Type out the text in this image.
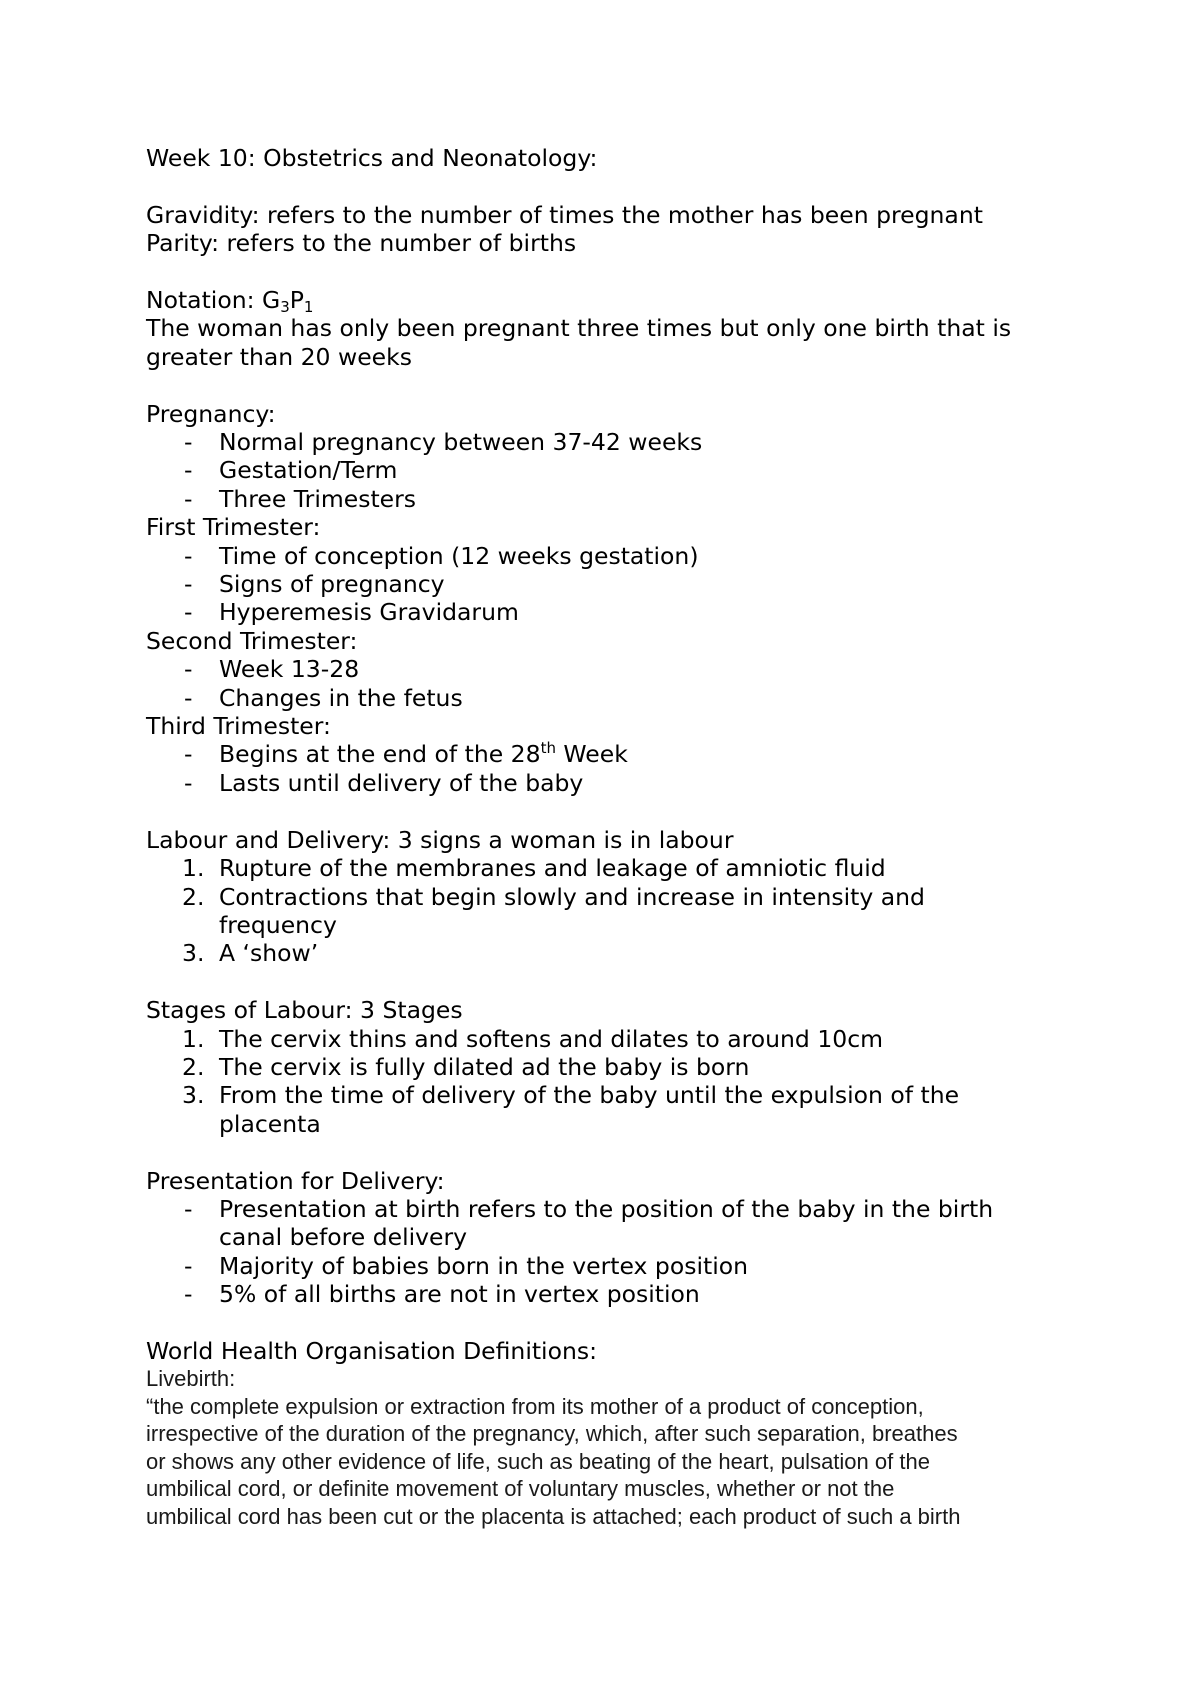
Week 10: Obstetrics and Neonatology:
Gravidity: refers to the number of times the mother has been pregnant
Parity: refers to the number of births
Notation: $G_3P_1$
The woman has only been pregnant three times but only one birth that is
greater than 20 weeks
Pregnancy:
- Normal pregnancy between 37-42 weeks
- Gestation/Term
- Three Trimesters
First Trimester:
- Time of conception (12 weeks gestation)
- Signs of pregnancy
- Hyperemesis Gravidarum
Second Trimester:
- Week 13-28
- Changes in the fetus
Third Trimester:
- Begins at the end of the 28th Week
- Lasts until delivery of the baby
Labour and Delivery: 3 signs a woman is in labour
1. Rupture of the membranes and leakage of amniotic fluid
2. Contractions that begin slowly and increase in intensity and
frequency
3. A ‘show’
Stages of Labour: 3 Stages
1. The cervix thins and softens and dilates to around 10cm
2. The cervix is fully dilated ad the baby is born
3. From the time of delivery of the baby until the expulsion of the
placenta
Presentation for Delivery:
- Presentation at birth refers to the position of the baby in the birth
canal before delivery
- Majority of babies born in the vertex position
- 5% of all births are not in vertex position
World Health Organisation Definitions:
Livebirth:
“the complete expulsion or extraction from its mother of a product of conception,
irrespective of the duration of the pregnancy, which, after such separation, breathes
or shows any other evidence of life, such as beating of the heart, pulsation of the
umbilical cord, or definite movement of voluntary muscles, whether or not the
umbilical cord has been cut or the placenta is attached; each product of such a birth
